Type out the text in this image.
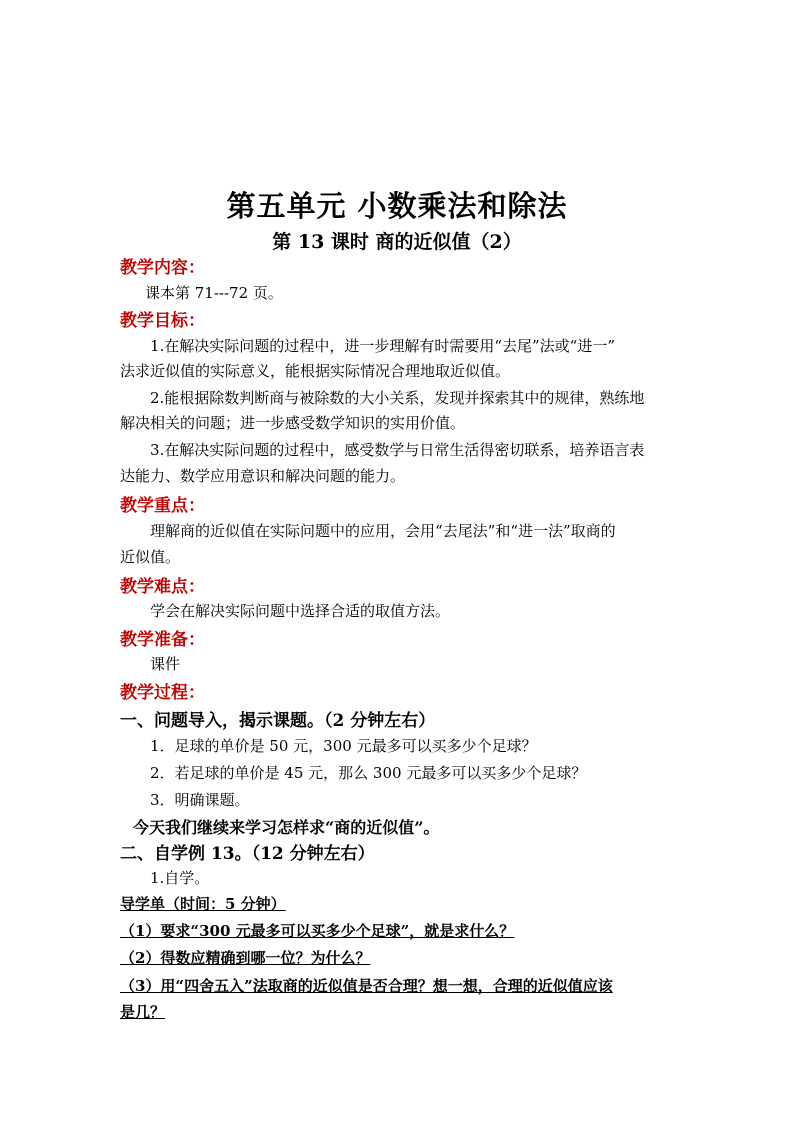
第五单元 小数乘法和除法
第 13 课时 商的近似值（2）
教学内容：
课本第 71---72 页。
教学目标：
1.在解决实际问题的过程中，进一步理解有时需要用“去尾”法或“进一”
法求近似值的实际意义，能根据实际情况合理地取近似值。
2.能根据除数判断商与被除数的大小关系，发现并探索其中的规律，熟练地
解决相关的问题；进一步感受数学知识的实用价值。
3.在解决实际问题的过程中，感受数学与日常生活得密切联系，培养语言表
达能力、数学应用意识和解决问题的能力。
教学重点：
理解商的近似值在实际问题中的应用，会用“去尾法”和“进一法”取商的
近似值。
教学难点：
学会在解决实际问题中选择合适的取值方法。
教学准备：
课件
教学过程：
一、问题导入，揭示课题。（2 分钟左右）
1．足球的单价是 50 元，300 元最多可以买多少个足球？
2．若足球的单价是 45 元，那么 300 元最多可以买多少个足球？
3．明确课题。
今天我们继续来学习怎样求“商的近似值”。
二、自学例 13。（12 分钟左右）
1.自学。
导学单（时间：5 分钟）
（1）要求“300 元最多可以买多少个足球”，就是求什么？
（2）得数应精确到哪一位？为什么？
（3）用“四舍五入”法取商的近似值是否合理？想一想，合理的近似值应该
是几？
